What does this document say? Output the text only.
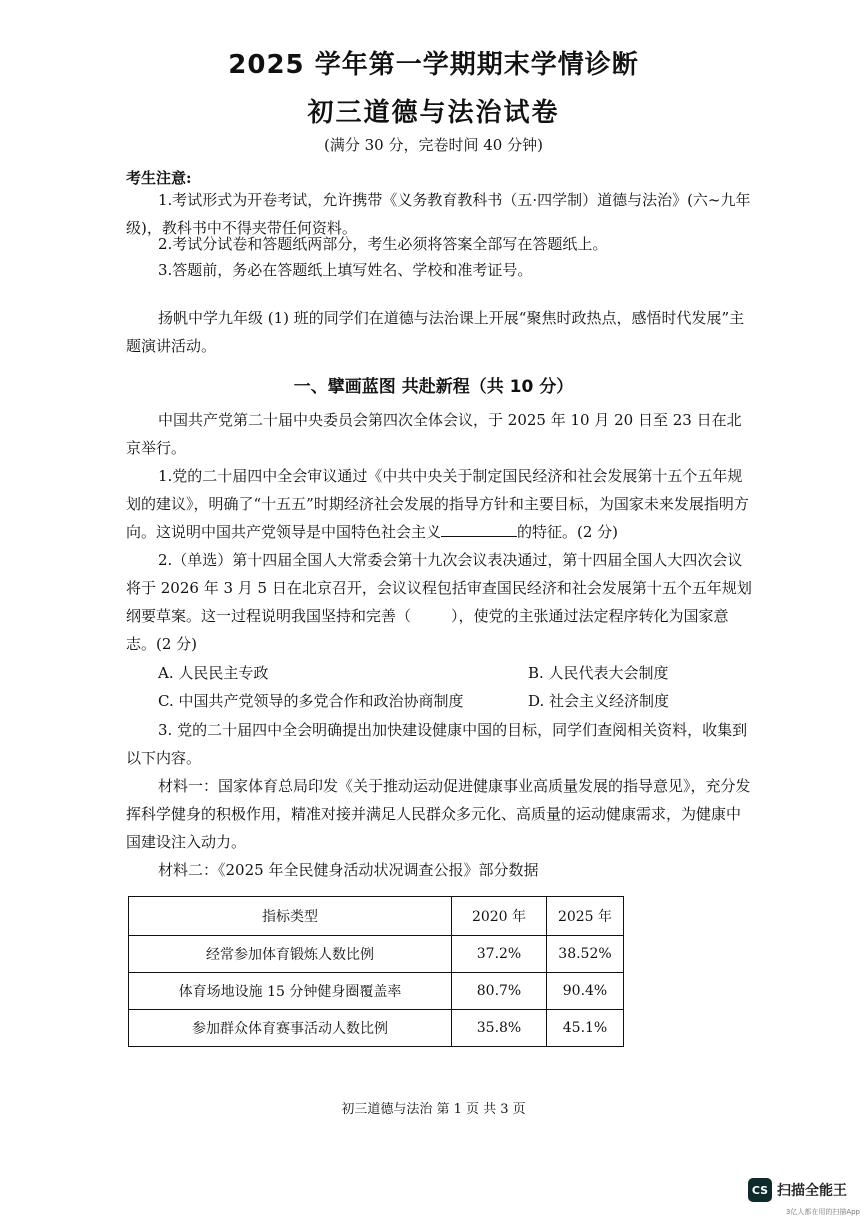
2025 学年第一学期期末学情诊断
初三道德与法治试卷
(满分 30 分，完卷时间 40 分钟)
考生注意:
1.考试形式为开卷考试，允许携带《义务教育教科书（五·四学制）道德与法治》(六~九年级)，教科书中不得夹带任何资料。
2.考试分试卷和答题纸两部分，考生必须将答案全部写在答题纸上。
3.答题前，务必在答题纸上填写姓名、学校和准考证号。
扬帆中学九年级 (1) 班的同学们在道德与法治课上开展“聚焦时政热点，感悟时代发展”主题演讲活动。
一、擘画蓝图 共赴新程（共 10 分）
中国共产党第二十届中央委员会第四次全体会议，于 2025 年 10 月 20 日至 23 日在北京举行。
1.党的二十届四中全会审议通过《中共中央关于制定国民经济和社会发展第十五个五年规划的建议》，明确了“十五五”时期经济社会发展的指导方针和主要目标，为国家未来发展指明方向。这说明中国共产党领导是中国特色社会主义	的特征。(2 分)
2.（单选）第十四届全国人大常委会第十九次会议表决通过，第十四届全国人大四次会议将于 2026 年 3 月 5 日在北京召开，会议议程包括审查国民经济和社会发展第十五个五年规划纲要草案。这一过程说明我国坚持和完善（	），使党的主张通过法定程序转化为国家意志。(2 分)
A. 人民民主专政	B. 人民代表大会制度
C. 中国共产党领导的多党合作和政治协商制度	D. 社会主义经济制度
3. 党的二十届四中全会明确提出加快建设健康中国的目标，同学们查阅相关资料，收集到以下内容。
材料一：国家体育总局印发《关于推动运动促进健康事业高质量发展的指导意见》，充分发挥科学健身的积极作用，精准对接并满足人民群众多元化、高质量的运动健康需求，为健康中国建设注入动力。
材料二：《2025 年全民健身活动状况调查公报》部分数据
指标类型	2020 年	2025 年
经常参加体育锻炼人数比例	37.2%	38.52%
体育场地设施 15 分钟健身圈覆盖率	80.7%	90.4%
参加群众体育赛事活动人数比例	35.8%	45.1%
初三道德与法治 第 1 页 共 3 页
CS 扫描全能王
3亿人都在用的扫描App
